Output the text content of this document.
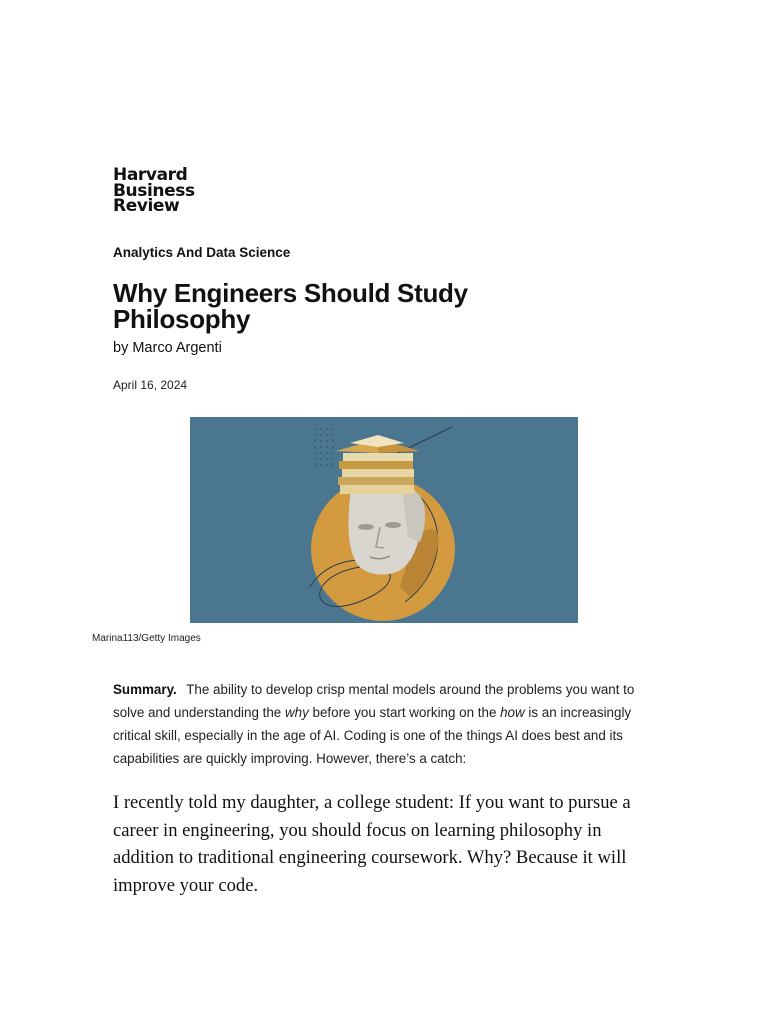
Harvard
Business
Review
Analytics And Data Science
Why Engineers Should Study Philosophy
by Marco Argenti
April 16, 2024
Marina113/Getty Images
Summary. The ability to develop crisp mental models around the problems you want to solve and understanding the why before you start working on the how is an increasingly critical skill, especially in the age of AI. Coding is one of the things AI does best and its capabilities are quickly improving. However, there’s a catch:

I recently told my daughter, a college student: If you want to pursue a career in engineering, you should focus on learning philosophy in addition to traditional engineering coursework. Why? Because it will improve your code.
